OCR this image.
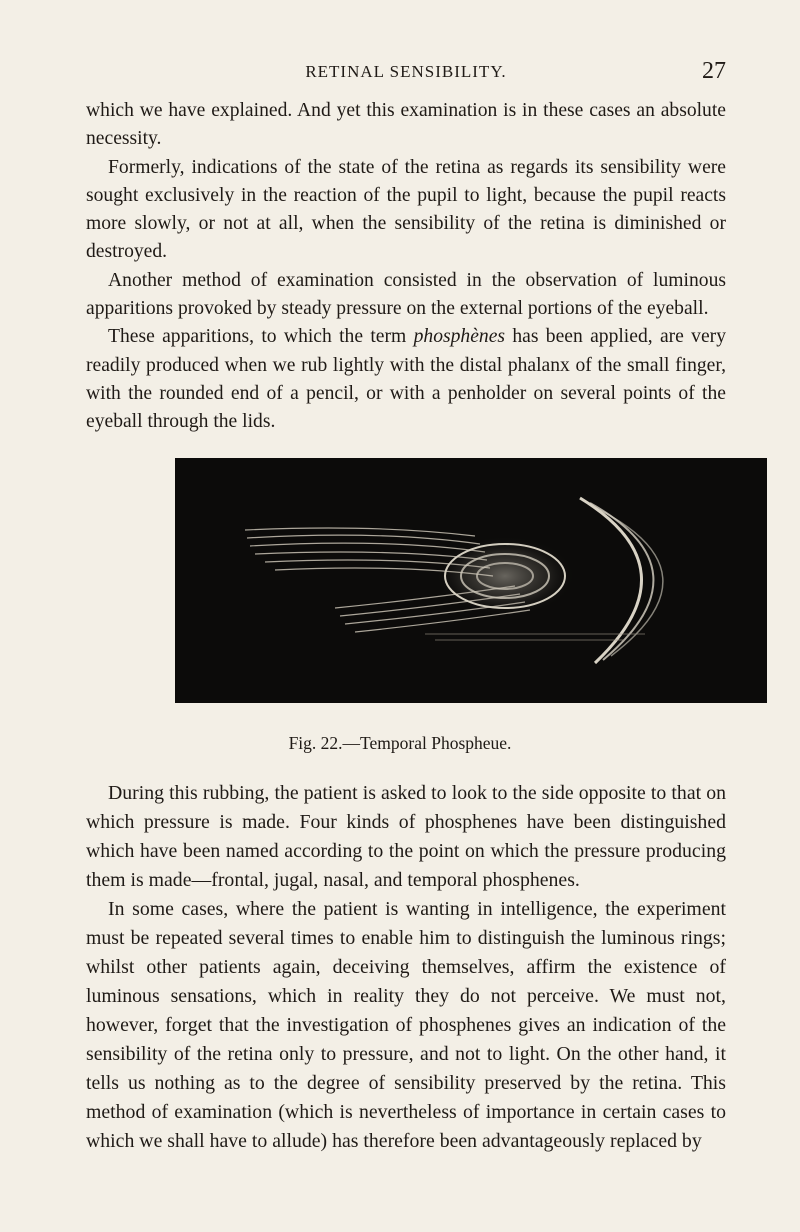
RETINAL SENSIBILITY.	27

which we have explained. And yet this examination is in these cases an absolute necessity.

Formerly, indications of the state of the retina as regards its sensibility were sought exclusively in the reaction of the pupil to light, because the pupil reacts more slowly, or not at all, when the sensibility of the retina is diminished or destroyed.

Another method of examination consisted in the observation of luminous apparitions provoked by steady pressure on the external portions of the eyeball.

These apparitions, to which the term phosphènes has been applied, are very readily produced when we rub lightly with the distal phalanx of the small finger, with the rounded end of a pencil, or with a penholder on several points of the eyeball through the lids.

Fig. 22.—Temporal Phospheue.

During this rubbing, the patient is asked to look to the side opposite to that on which pressure is made. Four kinds of phosphenes have been distinguished which have been named according to the point on which the pressure producing them is made—frontal, jugal, nasal, and temporal phosphenes.

In some cases, where the patient is wanting in intelligence, the experiment must be repeated several times to enable him to distinguish the luminous rings; whilst other patients again, deceiving themselves, affirm the existence of luminous sensations, which in reality they do not perceive. We must not, however, forget that the investigation of phosphenes gives an indication of the sensibility of the retina only to pressure, and not to light. On the other hand, it tells us nothing as to the degree of sensibility preserved by the retina. This method of examination (which is nevertheless of importance in certain cases to which we shall have to allude) has therefore been advantageously replaced by
